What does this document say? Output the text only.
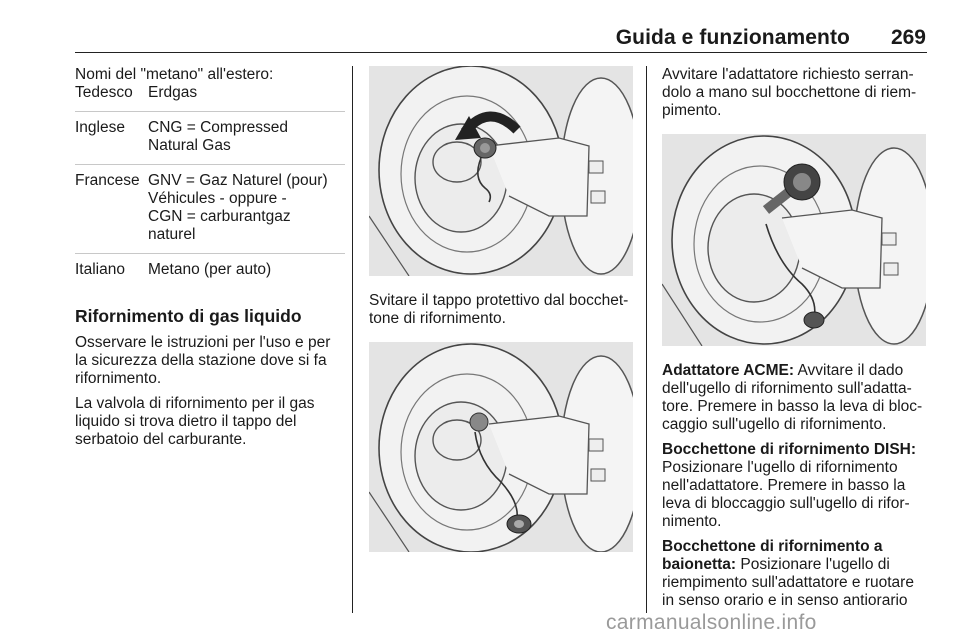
Guida e funzionamento	269

Nomi del "metano" all'estero:

Tedesco	Erdgas

Inglese	CNG = Compressed
Natural Gas

Francese	GNV = Gaz Naturel (pour)
Véhicules - oppure -
CGN = carburantgaz
naturel

Italiano	Metano (per auto)
Rifornimento di gas liquido

Osservare le istruzioni per l'uso e per la sicurezza della stazione dove si fa rifornimento.

La valvola di rifornimento per il gas liquido si trova dietro il tappo del serbatoio del carburante.

Svitare il tappo protettivo dal bocchet-tone di rifornimento.

Avvitare l'adattatore richiesto serran-dolo a mano sul bocchettone di riem-pimento.

Adattatore ACME: Avvitare il dado dell'ugello di rifornimento sull'adatta-tore. Premere in basso la leva di bloc-caggio sull'ugello di rifornimento.

Bocchettone di rifornimento DISH:
Posizionare l'ugello di rifornimento nell'adattatore. Premere in basso la leva di bloccaggio sull'ugello di rifor-nimento.

Bocchettone di rifornimento a baionetta: Posizionare l'ugello di riempimento sull'adattatore e ruotare in senso orario e in senso antiorario

carmanualsonline.info
